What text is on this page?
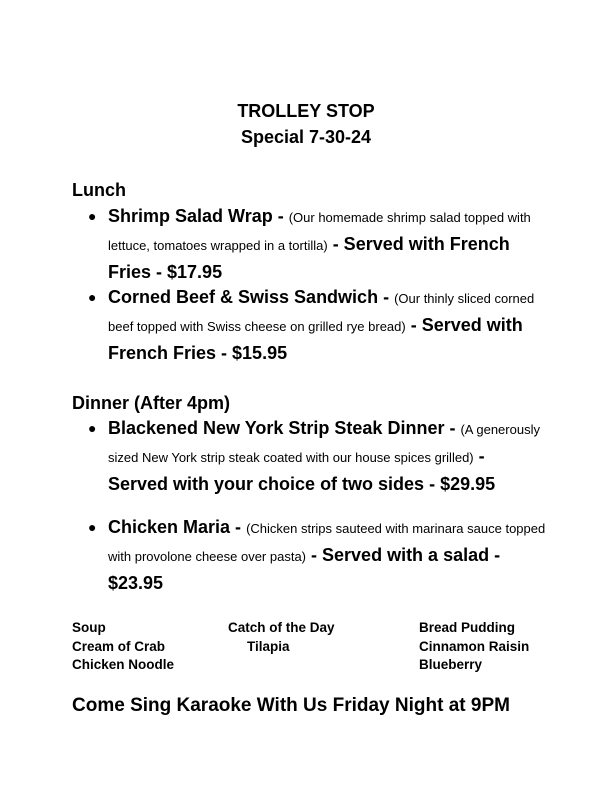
TROLLEY STOP
Special 7-30-24
Lunch
● Shrimp Salad Wrap - (Our homemade shrimp salad topped with lettuce, tomatoes wrapped in a tortilla) - Served with French Fries - $17.95
● Corned Beef & Swiss Sandwich - (Our thinly sliced corned beef topped with Swiss cheese on grilled rye bread) - Served with French Fries - $15.95
Dinner (After 4pm)
● Blackened New York Strip Steak Dinner - (A generously sized New York strip steak coated with our house spices grilled) - Served with your choice of two sides - $29.95
● Chicken Maria - (Chicken strips sauteed with marinara sauce topped with provolone cheese over pasta) - Served with a salad - $23.95
Soup
Cream of Crab
Chicken Noodle
Catch of the Day
Tilapia
Bread Pudding
Cinnamon Raisin
Blueberry
Come Sing Karaoke With Us Friday Night at 9PM
